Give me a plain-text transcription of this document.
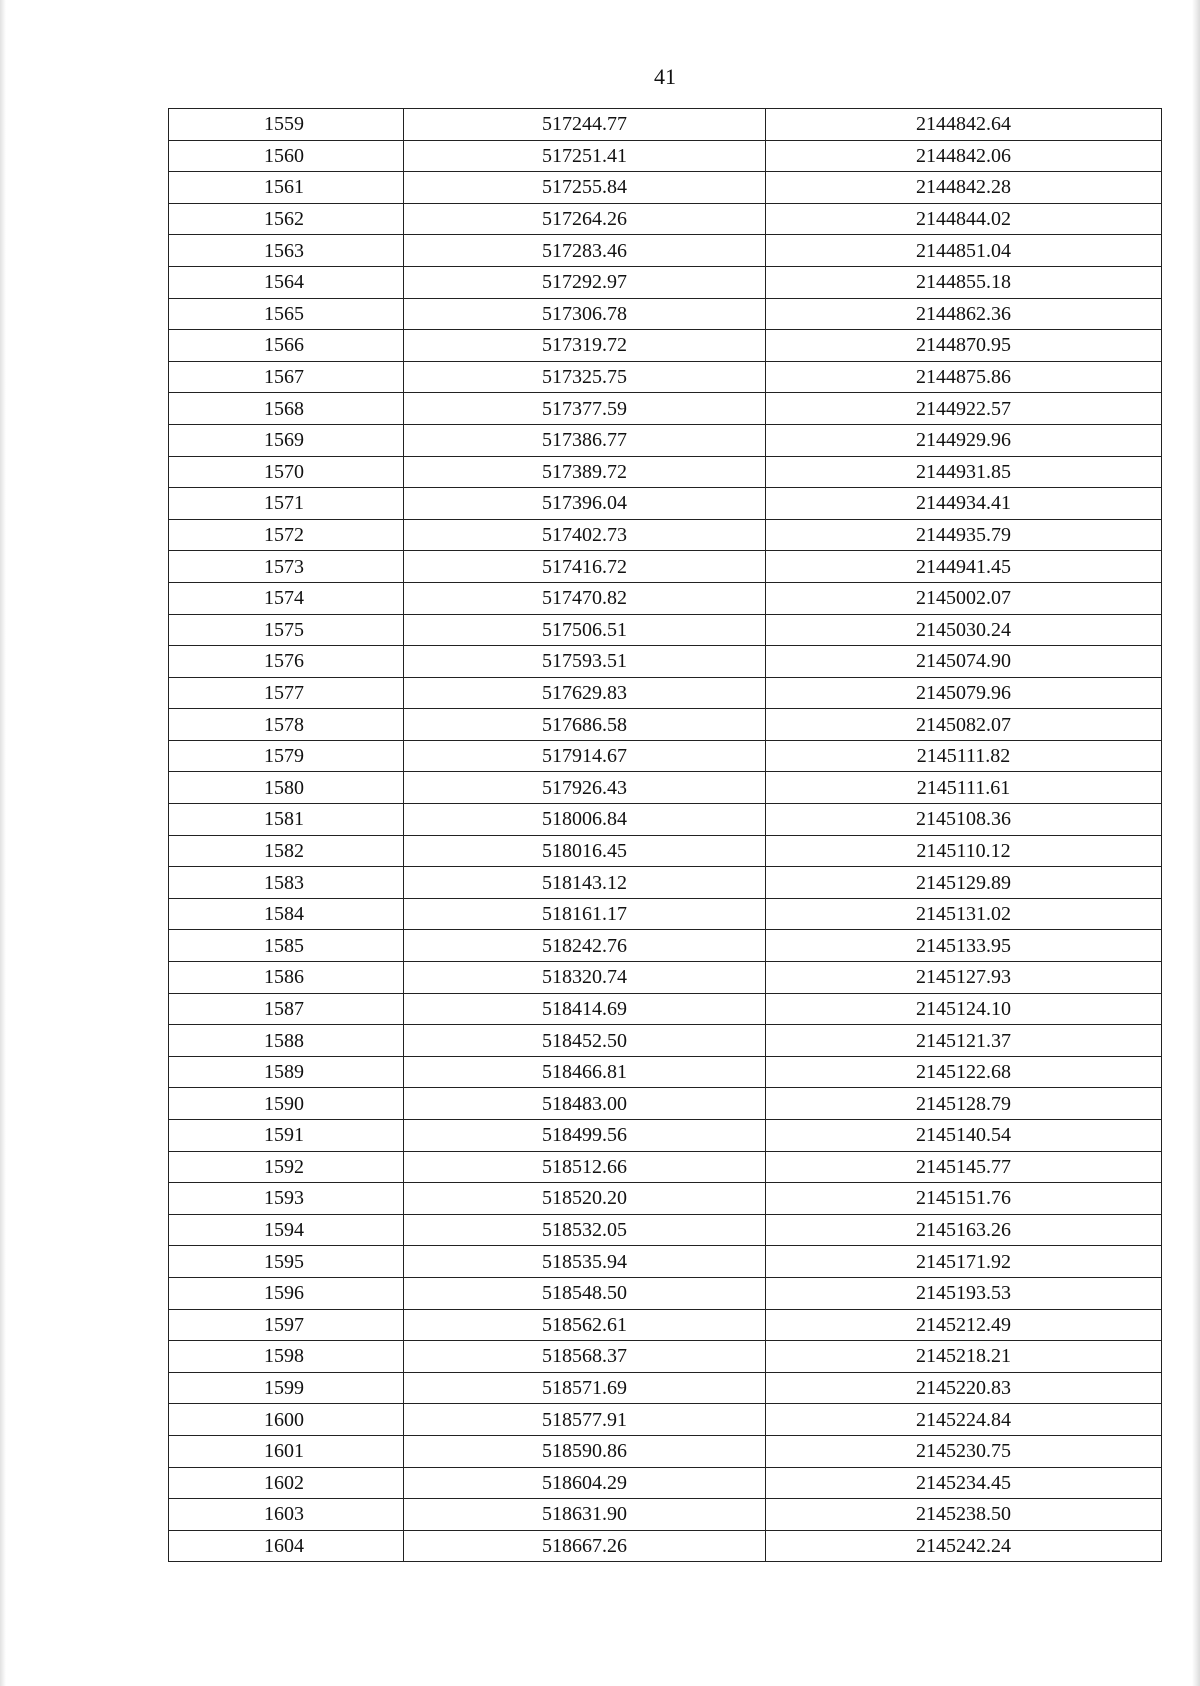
41
1559	517244.77	2144842.64
1560	517251.41	2144842.06
1561	517255.84	2144842.28
1562	517264.26	2144844.02
1563	517283.46	2144851.04
1564	517292.97	2144855.18
1565	517306.78	2144862.36
1566	517319.72	2144870.95
1567	517325.75	2144875.86
1568	517377.59	2144922.57
1569	517386.77	2144929.96
1570	517389.72	2144931.85
1571	517396.04	2144934.41
1572	517402.73	2144935.79
1573	517416.72	2144941.45
1574	517470.82	2145002.07
1575	517506.51	2145030.24
1576	517593.51	2145074.90
1577	517629.83	2145079.96
1578	517686.58	2145082.07
1579	517914.67	2145111.82
1580	517926.43	2145111.61
1581	518006.84	2145108.36
1582	518016.45	2145110.12
1583	518143.12	2145129.89
1584	518161.17	2145131.02
1585	518242.76	2145133.95
1586	518320.74	2145127.93
1587	518414.69	2145124.10
1588	518452.50	2145121.37
1589	518466.81	2145122.68
1590	518483.00	2145128.79
1591	518499.56	2145140.54
1592	518512.66	2145145.77
1593	518520.20	2145151.76
1594	518532.05	2145163.26
1595	518535.94	2145171.92
1596	518548.50	2145193.53
1597	518562.61	2145212.49
1598	518568.37	2145218.21
1599	518571.69	2145220.83
1600	518577.91	2145224.84
1601	518590.86	2145230.75
1602	518604.29	2145234.45
1603	518631.90	2145238.50
1604	518667.26	2145242.24
